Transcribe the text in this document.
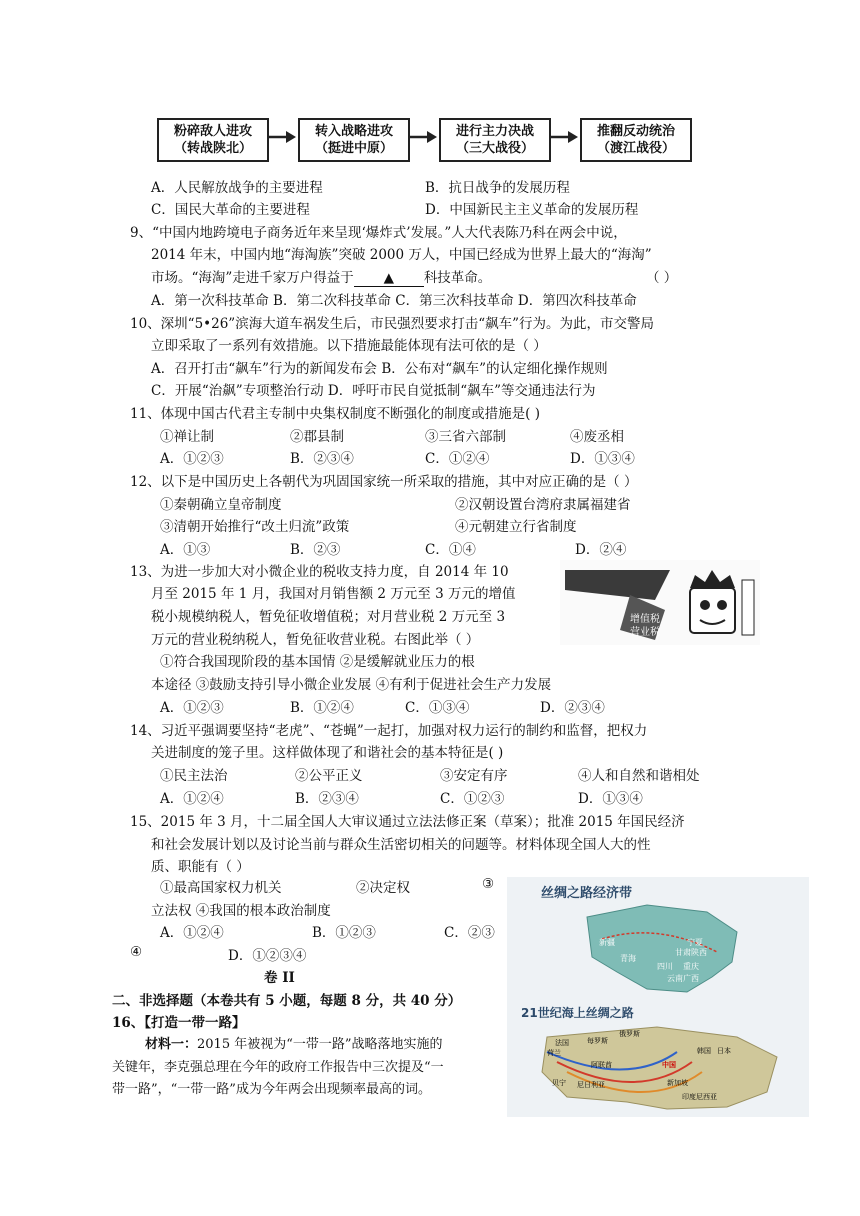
粉碎敌人进攻
（转战陕北）
转入战略进攻
（挺进中原）
进行主力决战
（三大战役）
推翻反动统治
（渡江战役）
A．人民解放战争的主要进程	B．抗日战争的发展历程
C．国民大革命的主要进程	D．中国新民主主义革命的发展历程
9、“中国内地跨境电子商务近年来呈现‘爆炸式’发展。”人大代表陈乃科在两会中说，
2014 年末，中国内地“海淘族”突破 2000 万人，中国已经成为世界上最大的“海淘”
市场。“海淘”走进千家万户得益于 ▲ 科技革命。	（ ）
A．第一次科技革命 B．第二次科技革命 C．第三次科技革命 D．第四次科技革命
10、深圳“5•26”滨海大道车祸发生后，市民强烈要求打击“飙车”行为。为此，市交警局
立即采取了一系列有效措施。以下措施最能体现有法可依的是（ ）
A．召开打击“飙车”行为的新闻发布会 B．公布对“飙车”的认定细化操作规则
C．开展“治飙”专项整治行动 D．呼吁市民自觉抵制“飙车”等交通违法行为
11、体现中国古代君主专制中央集权制度不断强化的制度或措施是( )
①禅让制	②郡县制	③三省六部制	④废丞相
A．①②③	B．②③④	C．①②④	D．①③④
12、以下是中国历史上各朝代为巩固国家统一所采取的措施，其中对应正确的是（ ）
①秦朝确立皇帝制度	②汉朝设置台湾府隶属福建省
③清朝开始推行“改土归流”政策	④元朝建立行省制度
A．①③	B．②③	C．①④	D．②④
13、为进一步加大对小微企业的税收支持力度，自 2014 年 10
月至 2015 年 1 月，我国对月销售额 2 万元至 3 万元的增值
税小规模纳税人，暂免征收增值税；对月营业税 2 万元至 3
万元的营业税纳税人，暂免征收营业税。右图此举（ ）
①符合我国现阶段的基本国情 ②是缓解就业压力的根
本途径 ③鼓励支持引导小微企业发展 ④有利于促进社会生产力发展
A．①②③	B．①②④	C．①③④	D．②③④
增值税
营业税
14、习近平强调要坚持“老虎”、“苍蝇”一起打，加强对权力运行的制约和监督，把权力
关进制度的笼子里。这样做体现了和谐社会的基本特征是( )
①民主法治	②公平正义	③安定有序	④人和自然和谐相处
A．①②④	B．②③④	C．①②③	D．①③④
15、2015 年 3 月，十二届全国人大审议通过立法法修正案（草案）；批准 2015 年国民经济
和社会发展计划以及讨论当前与群众生活密切相关的问题等。材料体现全国人大的性
质、职能有（ ）
①最高国家权力机关	②决定权	③
立法权 ④我国的根本政治制度
A．①②④	B．①②③	C．②③
④	D．①②③④
卷 II
二、非选择题（本卷共有 5 小题，每题 8 分，共 40 分）
16、【打造一带一路】
材料一：2015 年被视为“一带一路”战略落地实施的
关键年，李克强总理在今年的政府工作报告中三次提及“一
带一路”，“一带一路”成为今年两会出现频率最高的词。
丝绸之路经济带
新疆
青海
宁夏
甘肃陕西
四川 重庆
云南广西
21世纪海上丝绸之路
俄罗斯
法国
荷兰
每罗斯
阿联酋	中国
韩国 日本
尼日利亚
印度尼西亚
新加坡
贝宁
